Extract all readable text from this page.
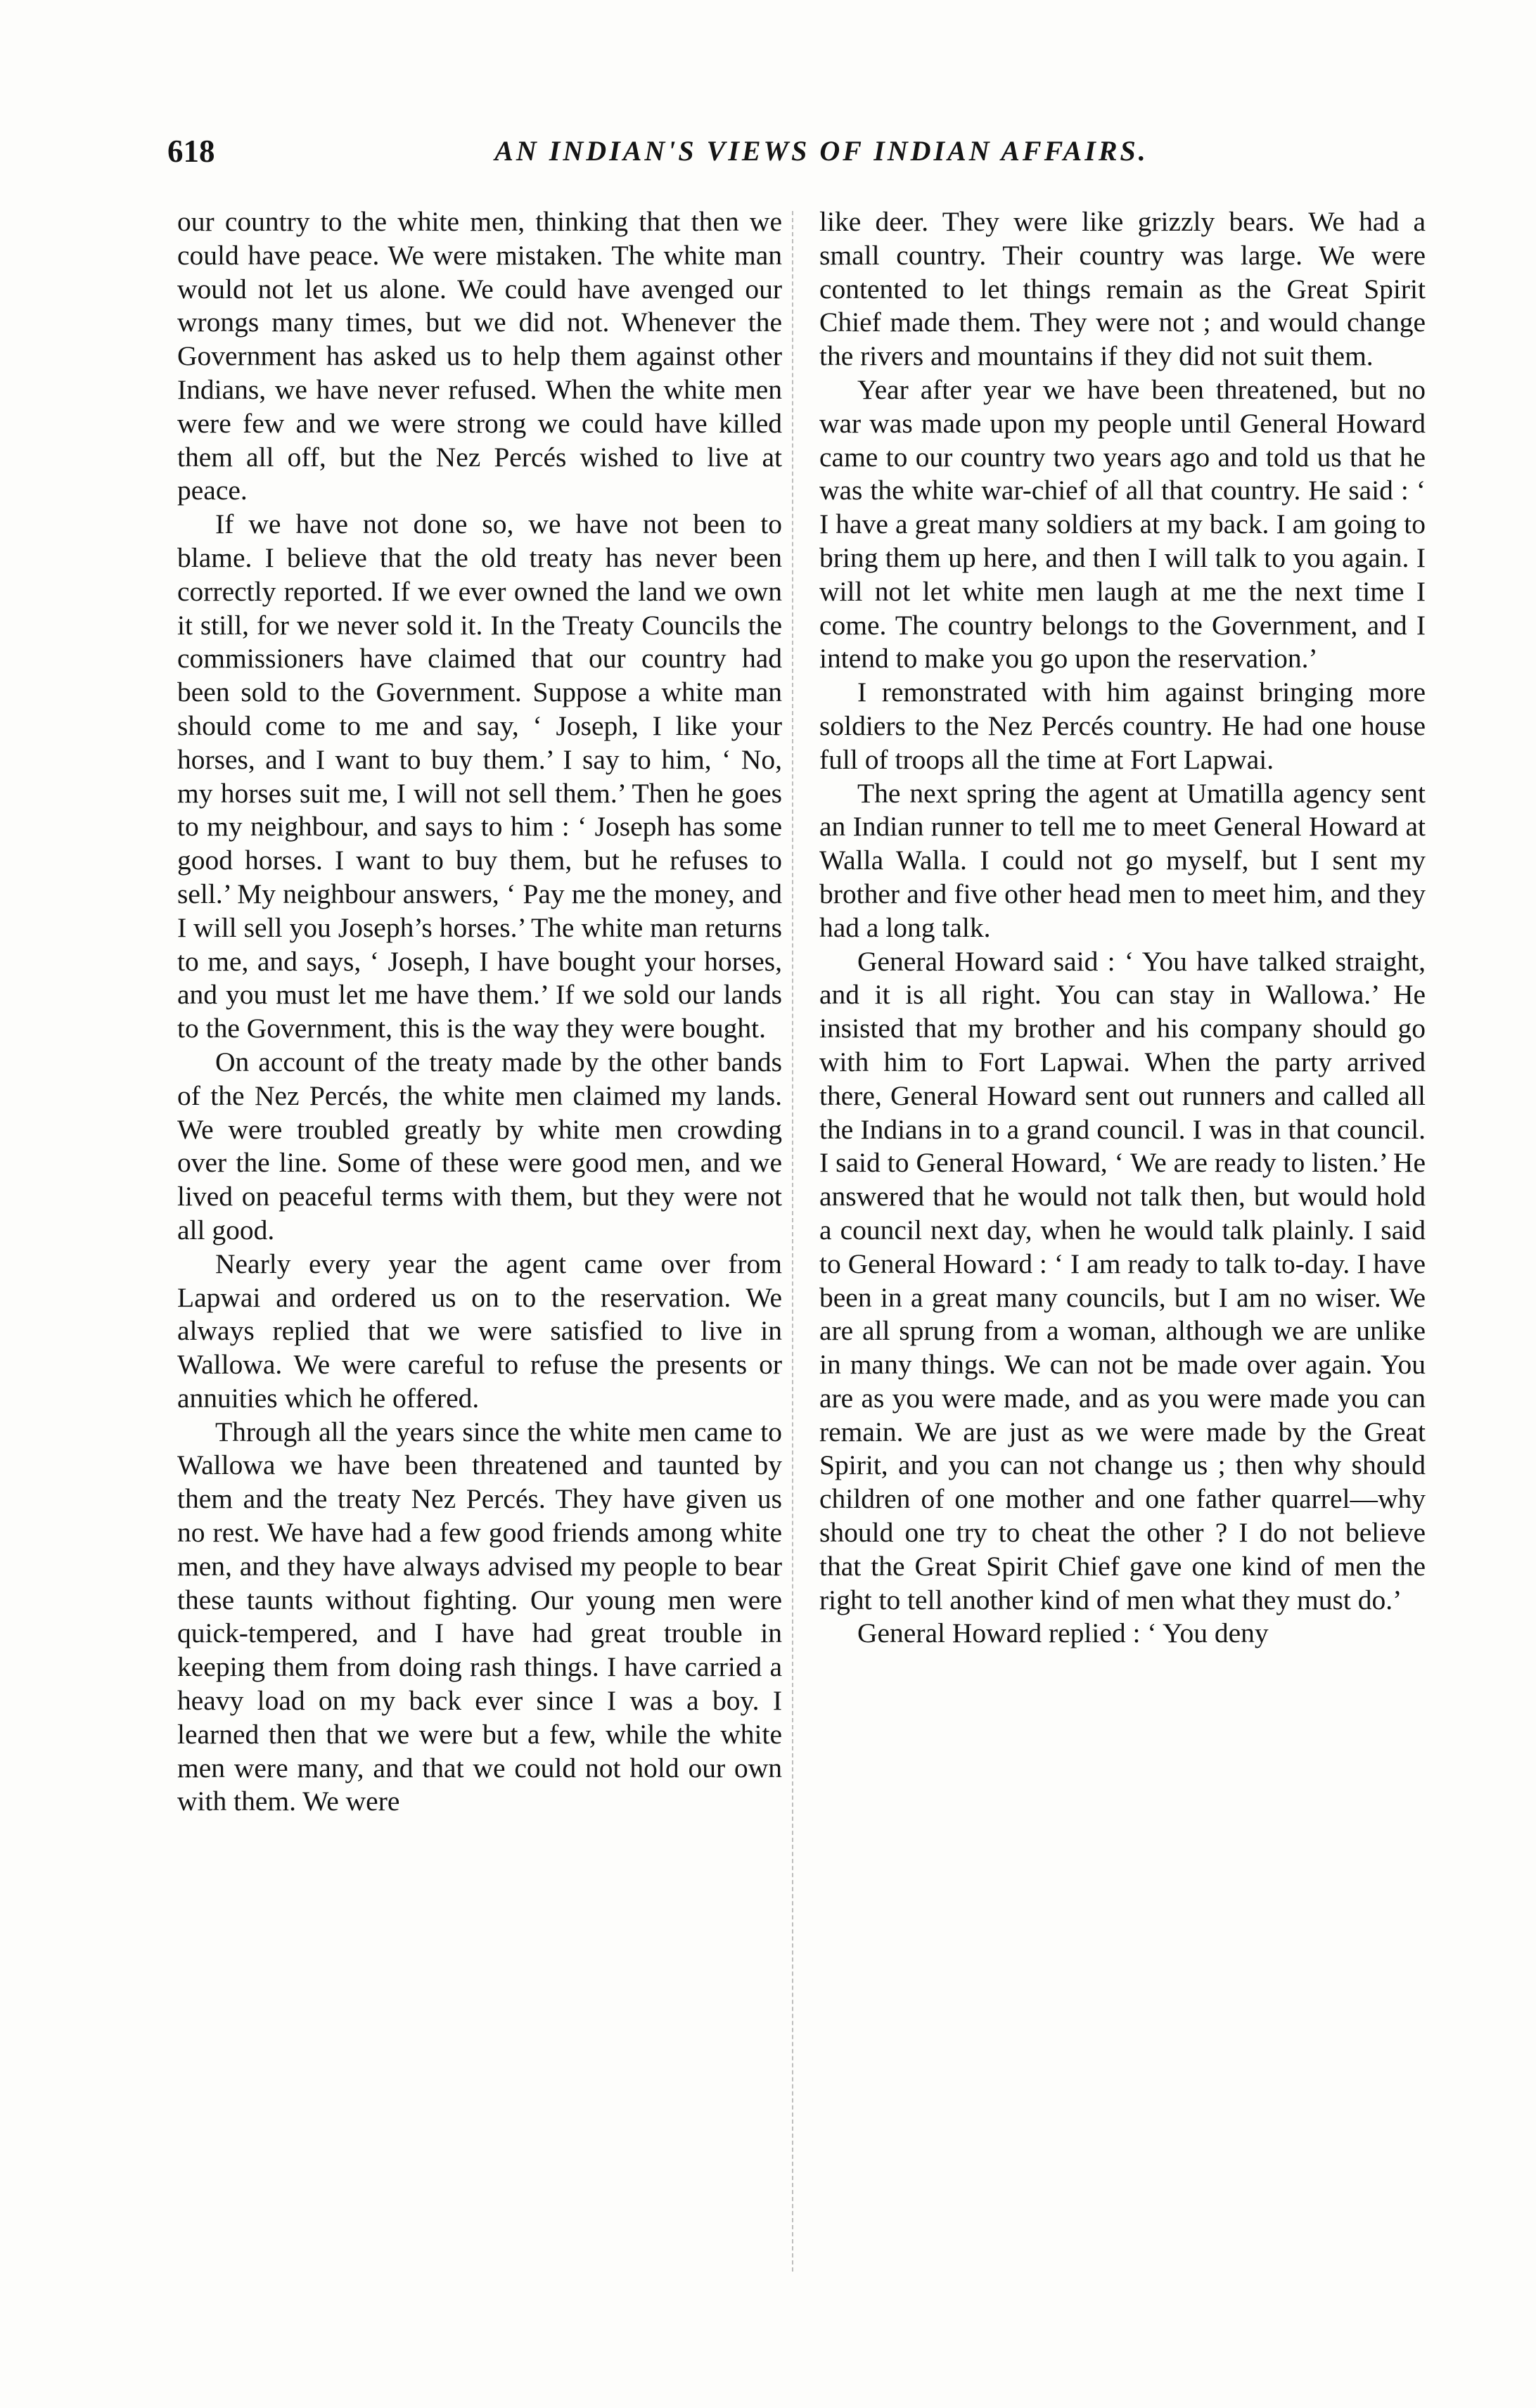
618	AN INDIAN'S VIEWS OF INDIAN AFFAIRS.

our country to the white men, thinking that then we could have peace. We were mistaken. The white man would not let us alone. We could have avenged our wrongs many times, but we did not. Whenever the Government has asked us to help them against other Indians, we have never refused. When the white men were few and we were strong we could have killed them all off, but the Nez Percés wished to live at peace.

If we have not done so, we have not been to blame. I believe that the old treaty has never been correctly reported. If we ever owned the land we own it still, for we never sold it. In the Treaty Councils the commissioners have claimed that our country had been sold to the Government. Suppose a white man should come to me and say, ‘ Joseph, I like your horses, and I want to buy them.’ I say to him, ‘ No, my horses suit me, I will not sell them.’ Then he goes to my neighbour, and says to him : ‘ Joseph has some good horses. I want to buy them, but he refuses to sell.’ My neighbour answers, ‘ Pay me the money, and I will sell you Joseph’s horses.’ The white man returns to me, and says, ‘ Joseph, I have bought your horses, and you must let me have them.’ If we sold our lands to the Government, this is the way they were bought.

On account of the treaty made by the other bands of the Nez Percés, the white men claimed my lands. We were troubled greatly by white men crowding over the line. Some of these were good men, and we lived on peaceful terms with them, but they were not all good.

Nearly every year the agent came over from Lapwai and ordered us on to the reservation. We always replied that we were satisfied to live in Wallowa. We were careful to refuse the presents or annuities which he offered.

Through all the years since the white men came to Wallowa we have been threatened and taunted by them and the treaty Nez Percés. They have given us no rest. We have had a few good friends among white men, and they have always advised my people to bear these taunts without fighting. Our young men were quick-tempered, and I have had great trouble in keeping them from doing rash things. I have carried a heavy load on my back ever since I was a boy. I learned then that we were but a few, while the white men were many, and that we could not hold our own with them. We were

like deer. They were like grizzly bears. We had a small country. Their country was large. We were contented to let things remain as the Great Spirit Chief made them. They were not ; and would change the rivers and mountains if they did not suit them.

Year after year we have been threatened, but no war was made upon my people until General Howard came to our country two years ago and told us that he was the white war-chief of all that country. He said : ‘ I have a great many soldiers at my back. I am going to bring them up here, and then I will talk to you again. I will not let white men laugh at me the next time I come. The country belongs to the Government, and I intend to make you go upon the reservation.’

I remonstrated with him against bringing more soldiers to the Nez Percés country. He had one house full of troops all the time at Fort Lapwai.

The next spring the agent at Umatilla agency sent an Indian runner to tell me to meet General Howard at Walla Walla. I could not go myself, but I sent my brother and five other head men to meet him, and they had a long talk.

General Howard said : ‘ You have talked straight, and it is all right. You can stay in Wallowa.’ He insisted that my brother and his company should go with him to Fort Lapwai. When the party arrived there, General Howard sent out runners and called all the Indians in to a grand council. I was in that council. I said to General Howard, ‘ We are ready to listen.’ He answered that he would not talk then, but would hold a council next day, when he would talk plainly. I said to General Howard : ‘ I am ready to talk to-day. I have been in a great many councils, but I am no wiser. We are all sprung from a woman, although we are unlike in many things. We can not be made over again. You are as you were made, and as you were made you can remain. We are just as we were made by the Great Spirit, and you can not change us ; then why should children of one mother and one father quarrel—why should one try to cheat the other ? I do not believe that the Great Spirit Chief gave one kind of men the right to tell another kind of men what they must do.’

General Howard replied : ‘ You deny
